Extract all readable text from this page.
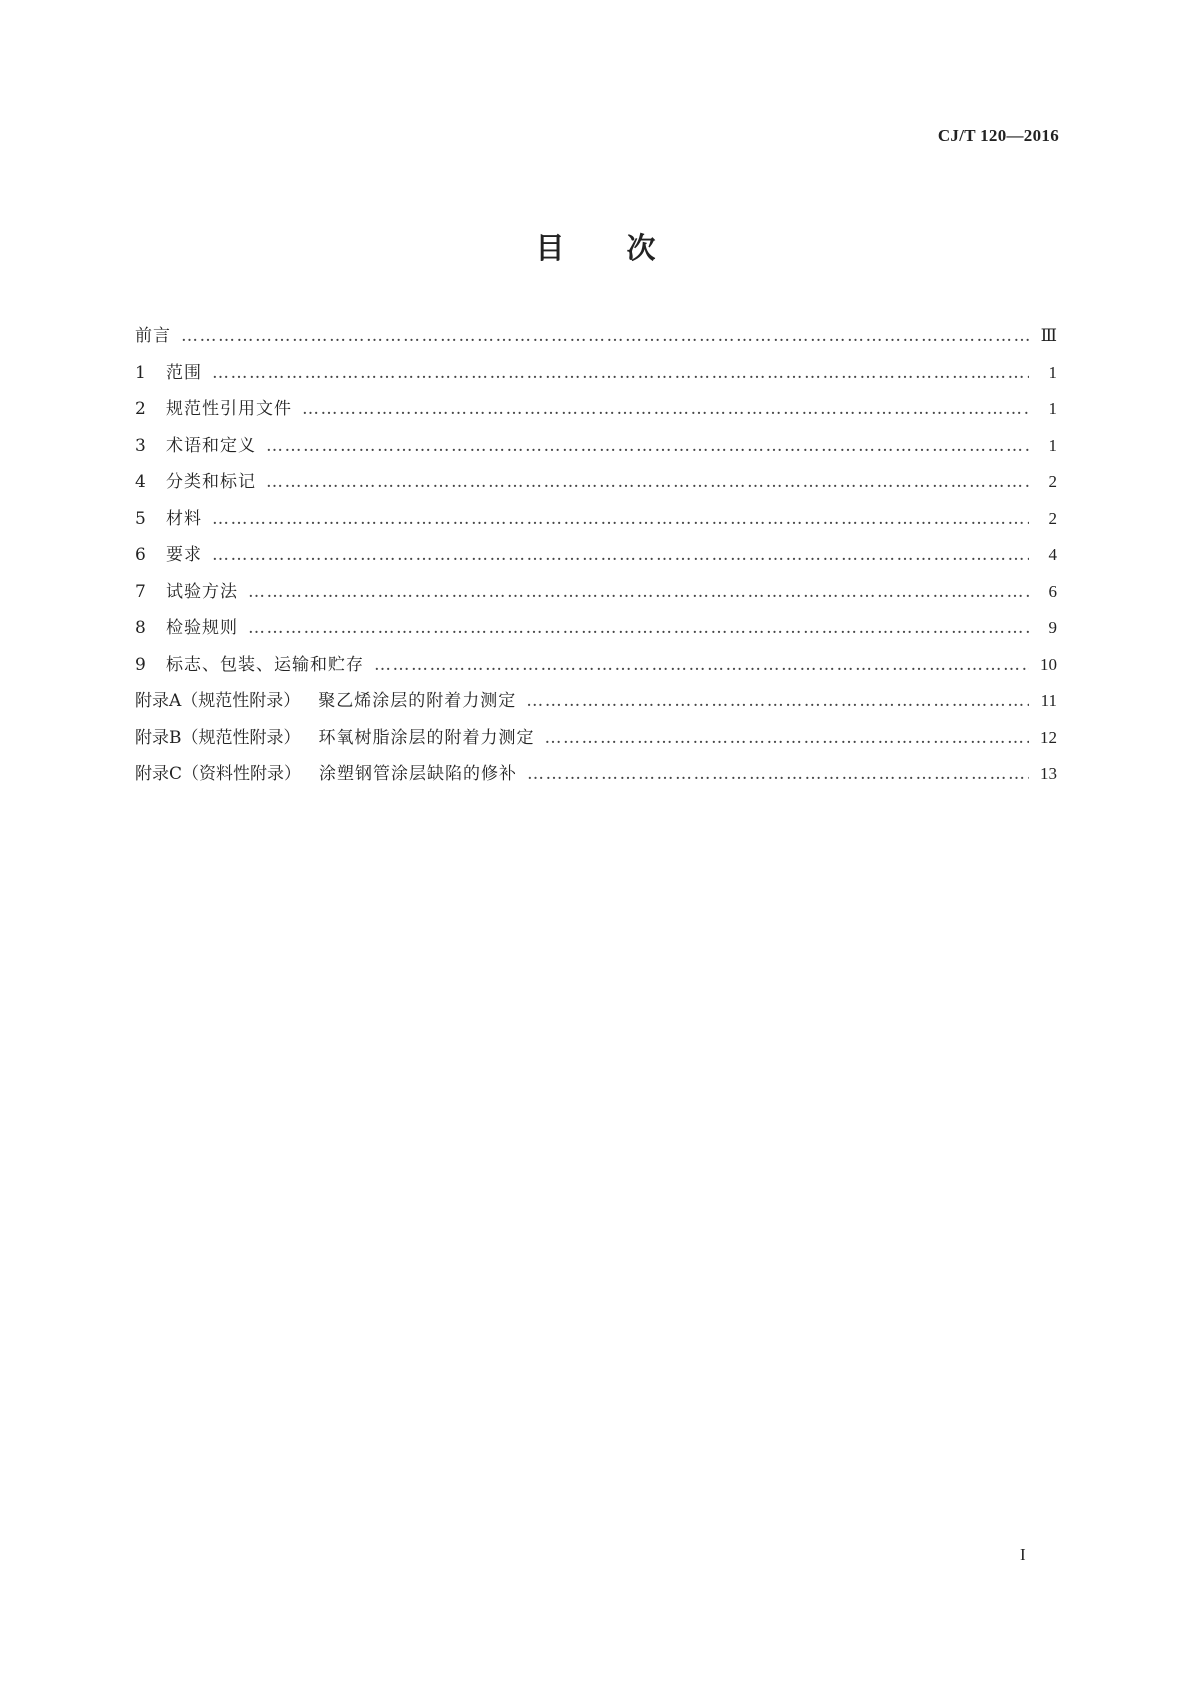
CJ/T 120—2016
目次
前言 ………………………………………………………………………………………………………………………………………………………………………………………………	Ⅲ
1	范围 ………………………………………………………………………………………………………………………………………………………………………………………………	1
2	规范性引用文件 ………………………………………………………………………………………………………………………………………………………………………………………………	1
3	术语和定义 ………………………………………………………………………………………………………………………………………………………………………………………………	1
4	分类和标记 ………………………………………………………………………………………………………………………………………………………………………………………………	2
5	材料 ………………………………………………………………………………………………………………………………………………………………………………………………	2
6	要求 ………………………………………………………………………………………………………………………………………………………………………………………………	4
7	试验方法 ………………………………………………………………………………………………………………………………………………………………………………………………	6
8	检验规则 ………………………………………………………………………………………………………………………………………………………………………………………………	9
9	标志、包装、运输和贮存 ………………………………………………………………………………………………………………………………………………………………………………………………	10
附录A（规范性附录） 聚乙烯涂层的附着力测定 ………………………………………………………………………………………………………………………………………………………………………………………………	11
附录B（规范性附录） 环氧树脂涂层的附着力测定 ………………………………………………………………………………………………………………………………………………………………………………………………	12
附录C（资料性附录） 涂塑钢管涂层缺陷的修补 ………………………………………………………………………………………………………………………………………………………………………………………………	13
I
